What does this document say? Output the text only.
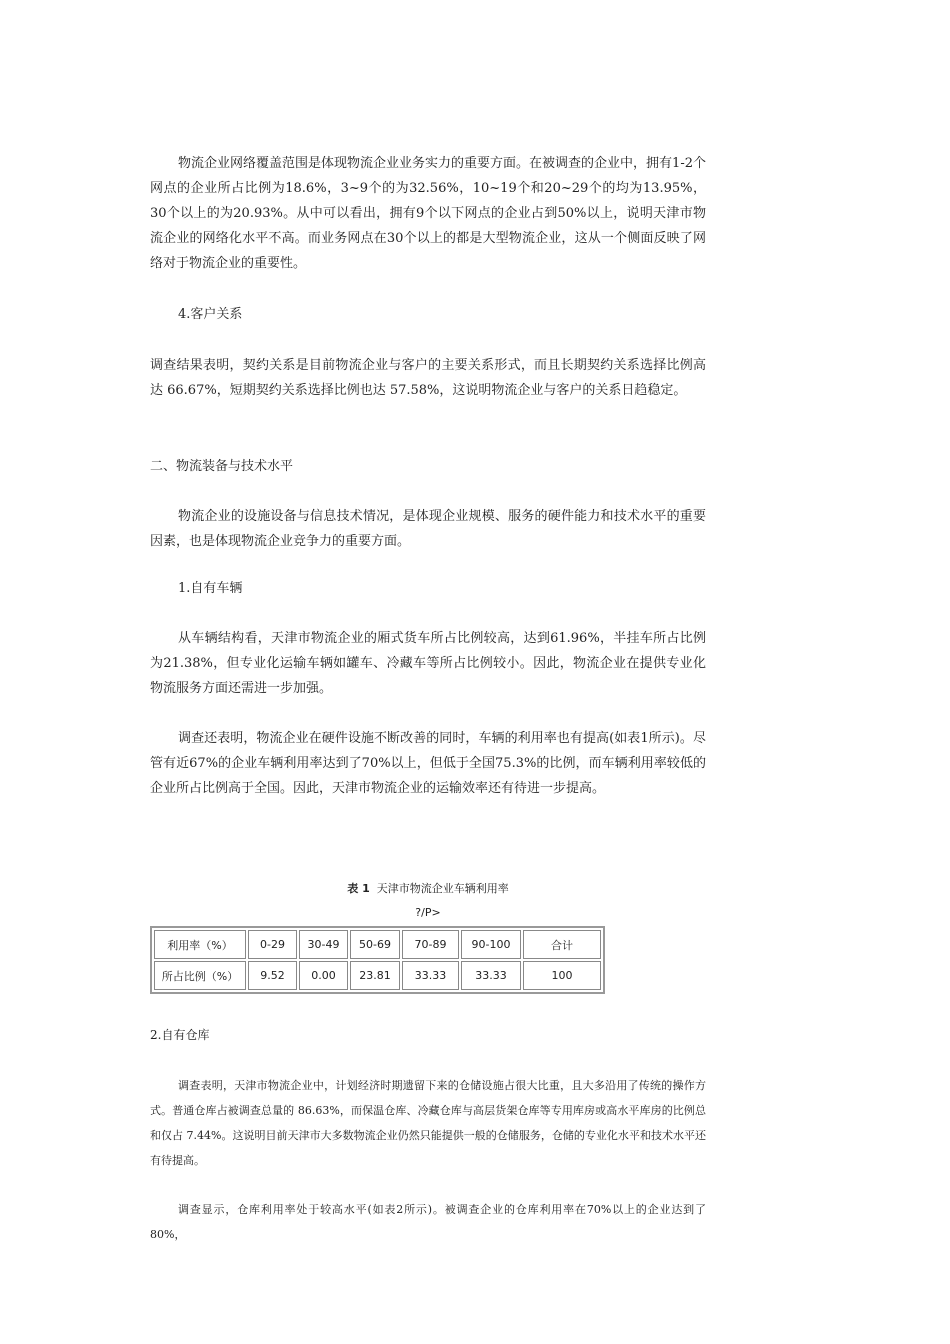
物流企业网络覆盖范围是体现物流企业业务实力的重要方面。在被调查的企业中，拥有1-2个网点的企业所占比例为18.6%，3~9个的为32.56%，10~19个和20~29个的均为13.95%，30个以上的为20.93%。从中可以看出，拥有9个以下网点的企业占到50%以上，说明天津市物流企业的网络化水平不高。而业务网点在30个以上的都是大型物流企业，这从一个侧面反映了网络对于物流企业的重要性。

4.客户关系

调查结果表明，契约关系是目前物流企业与客户的主要关系形式，而且长期契约关系选择比例高达 66.67%，短期契约关系选择比例也达 57.58%，这说明物流企业与客户的关系日趋稳定。

二、物流装备与技术水平

物流企业的设施设备与信息技术情况，是体现企业规模、服务的硬件能力和技术水平的重要因素，也是体现物流企业竞争力的重要方面。

1.自有车辆

从车辆结构看，天津市物流企业的厢式货车所占比例较高，达到61.96%，半挂车所占比例为21.38%，但专业化运输车辆如罐车、冷藏车等所占比例较小。因此，物流企业在提供专业化物流服务方面还需进一步加强。

调查还表明，物流企业在硬件设施不断改善的同时，车辆的利用率也有提高(如表1所示)。尽管有近67%的企业车辆利用率达到了70%以上，但低于全国75.3%的比例，而车辆利用率较低的企业所占比例高于全国。因此，天津市物流企业的运输效率还有待进一步提高。

表 1 天津市物流企业车辆利用率
?/P>
利用率（%）	0-29	30-49	50-69	70-89	90-100	合计
所占比例（%）	9.52	0.00	23.81	33.33	33.33	100
2.自有仓库

调查表明，天津市物流企业中，计划经济时期遗留下来的仓储设施占很大比重，且大多沿用了传统的操作方式。普通仓库占被调查总量的 86.63%，而保温仓库、冷藏仓库与高层货架仓库等专用库房或高水平库房的比例总和仅占 7.44%。这说明目前天津市大多数物流企业仍然只能提供一般的仓储服务，仓储的专业化水平和技术水平还有待提高。

调查显示，仓库利用率处于较高水平(如表2所示)。被调查企业的仓库利用率在70%以上的企业达到了 80%，
